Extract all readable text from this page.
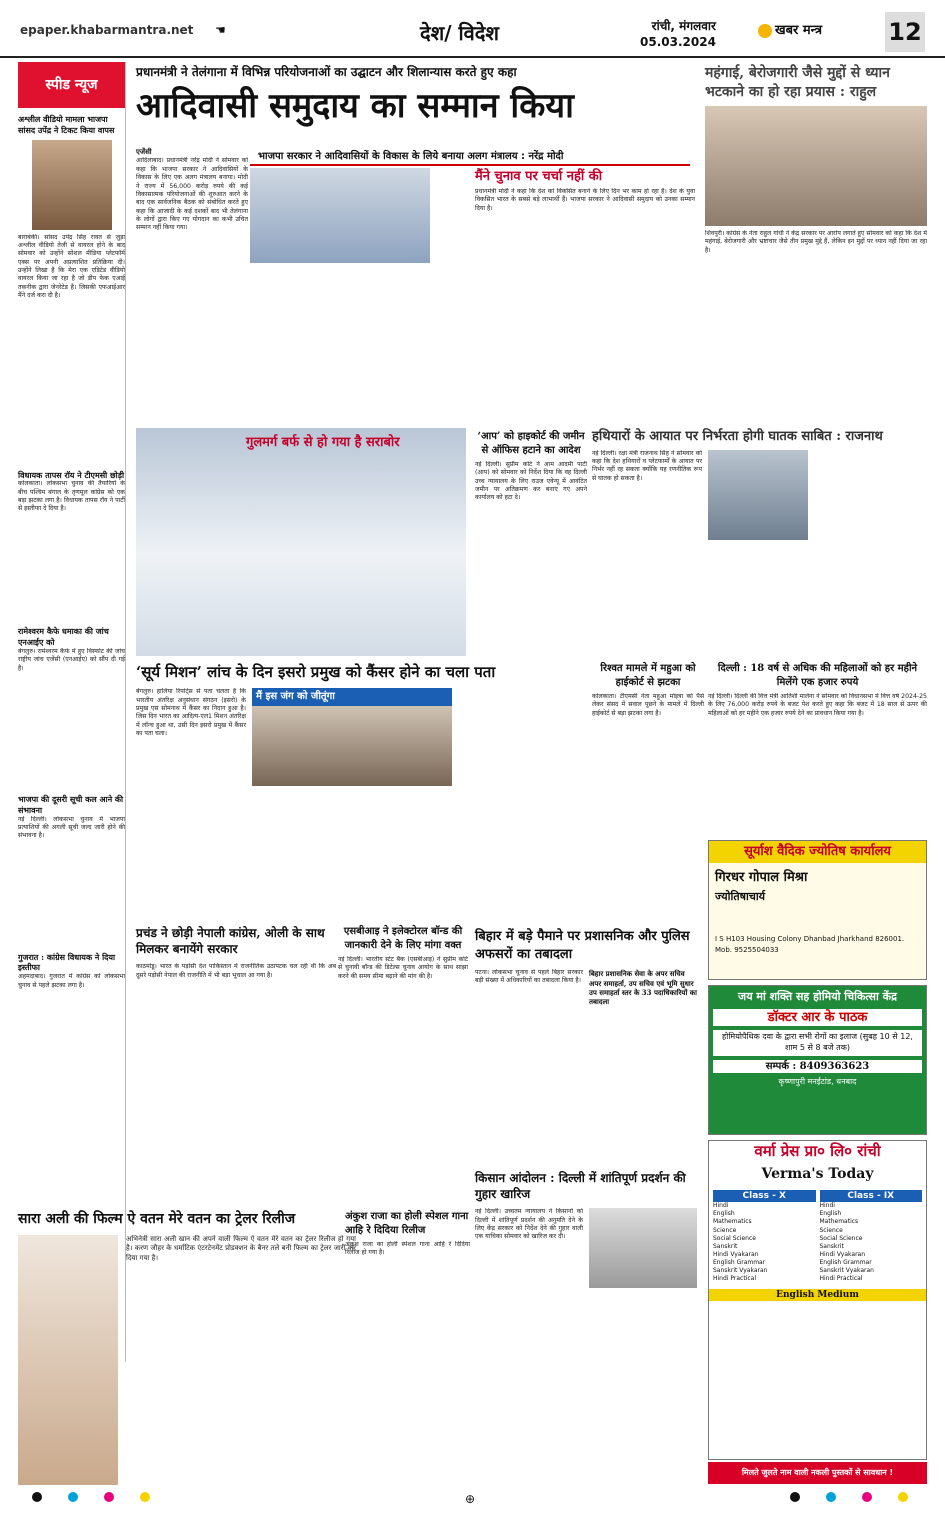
epaper.khabarmantra.net ☚	देश/ विदेश	रांची, मंगलवार
05.03.2024
खबर मन्त्र	12
स्पीड न्यूज
अश्लील वीडियो मामला भाजपा सांसद उपेंद्र ने टिकट किया वापस
बाराबंकी। सांसद उपेंद्र सिंह रावत से जुड़ा अश्लील वीडियो तेजी से वायरल होने के बाद सोमवार को उन्होंने सोशल मीडिया प्लेटफॉर्म एक्स पर अपनी अप्रत्याशित प्रतिक्रिया दी। उन्होंने लिखा है कि मेरा एक एडिटेड वीडियो वायरल किया जा रहा है जो डीप फेक एआई तकनीक द्वारा जेनरेटेड है। जिसकी एफआईआर मैंने दर्ज करा दी है।
विधायक तापस रॉय ने टीएमसी छोड़ी
कोलकाता। लोकसभा चुनाव की तैयारियों के बीच पश्चिम बंगाल के तृणमूल कांग्रेस को एक बड़ा झटका लगा है। विधायक तापस रॉय ने पार्टी से इस्तीफा दे दिया है।
रामेश्वरम कैफे धमाका की जांच एनआईए को
बेंगलुरु। रामेश्वरम कैफे में हुए विस्फोट की जांच राष्ट्रीय जांच एजेंसी (एनआईए) को सौंप दी गई है।
भाजपा की दूसरी सूची कल आने की संभावना
नई दिल्ली। लोकसभा चुनाव में भाजपा प्रत्याशियों की अगली सूची जल्द जारी होने की संभावना है।
गुजरात : कांग्रेस विधायक ने दिया इस्तीफा
अहमदाबाद। गुजरात में कांग्रेस को लोकसभा चुनाव से पहले झटका लगा है।
प्रधानमंत्री ने तेलंगाना में विभिन्न परियोजनाओं का उद्घाटन और शिलान्यास करते हुए कहा
आदिवासी समुदाय का सम्मान किया
एजेंसी
आदिलाबाद। प्रधानमंत्री नरेंद्र मोदी ने सोमवार को कहा कि भाजपा सरकार ने आदिवासियों के विकास के लिए एक अलग मंत्रालय बनाया। मोदी ने राज्य में 56,000 करोड़ रुपये की कई विकासात्मक परियोजनाओं की शुरुआत करने के बाद एक सार्वजनिक बैठक को संबोधित करते हुए कहा कि आजादी के कई दशकों बाद भी तेलंगाना के लोगों द्वारा किए गए योगदान का कभी उचित सम्मान नहीं किया गया।
भाजपा सरकार ने आदिवासियों के विकास के लिये बनाया अलग मंत्रालय : नरेंद्र मोदी
मैंने चुनाव पर चर्चा नहीं की
प्रधानमंत्री मोदी ने कहा कि देश को विकसित बनाने के लिए दिन भर काम हो रहा है। देश के युवा विकसित भारत के सबसे बड़े लाभार्थी हैं। भाजपा सरकार ने आदिवासी समुदाय को उनका सम्मान दिया है।
गुलमर्ग बर्फ से हो गया है सराबोर	‘आप’ को हाइकोर्ट की जमीन से ऑफिस हटाने का आदेश
नई दिल्ली। सुप्रीम कोर्ट ने आम आदमी पार्टी (आप) को सोमवार को निर्देश दिया कि वह दिल्ली उच्च न्यायालय के लिए राउज एवेन्यू में आवंटित जमीन पर अतिक्रमण कर बनाए गए अपने कार्यालय को हटा दे।
महंगाई, बेरोजगारी जैसे मुद्दों से ध्यान भटकाने का हो रहा प्रयास : राहुल
शिवपुरी। कांग्रेस के नेता राहुल गांधी ने केंद्र सरकार पर आरोप लगाते हुए सोमवार को कहा कि देश में महंगाई, बेरोजगारी और भ्रष्टाचार जैसे तीन प्रमुख मुद्दे हैं, लेकिन इन मुद्दों पर ध्यान नहीं दिया जा रहा है।
हथियारों के आयात पर निर्भरता होगी घातक साबित : राजनाथ
नई दिल्ली। रक्षा मंत्री राजनाथ सिंह ने सोमवार को कहा कि देश हथियारों व प्लेटफार्मों के आयात पर निर्भर नहीं रह सकता क्योंकि यह रणनीतिक रूप से घातक हो सकता है।
‘सूर्य मिशन’ लांच के दिन इसरो प्रमुख को कैंसर होने का चला पता
बेंगलुरु। हालिया रिपोर्ट्स से पता चलता है कि भारतीय अंतरिक्ष अनुसंधान संगठन (इसरो) के प्रमुख एस सोमनाथ में कैंसर का निदान हुआ है। जिस दिन भारत का आदित्य-एल1 मिशन अंतरिक्ष में लॉन्च हुआ था, उसी दिन इसरो प्रमुख में कैंसर का पता चला।
मैं इस जंग को जीतूंगा
रिश्वत मामले में महुआ को हाईकोर्ट से झटका
कोलकाता। टीएमसी नेता महुआ मोइत्रा को पैसे लेकर संसद में सवाल पूछने के मामले में दिल्ली हाईकोर्ट से बड़ा झटका लगा है।
दिल्ली : 18 वर्ष से अधिक की महिलाओं को हर महीने मिलेंगे एक हजार रुपये
नई दिल्ली। दिल्ली की वित्त मंत्री आतिशी मार्लेना ने सोमवार को विधानसभा में वित्त वर्ष 2024-25 के लिए 76,000 करोड़ रुपये के बजट पेश करते हुए कहा कि बजट में 18 साल से ऊपर की महिलाओं को हर महीने एक हजार रुपये देने का प्रावधान किया गया है।
सूर्याश वैदिक ज्योतिष कार्यालय
गिरधर गोपाल मिश्रा
ज्योतिषाचार्य
I S H103 Housing Colony Dhanbad Jharkhand 826001.
Mob. 9525504033
प्रचंड ने छोड़ी नेपाली कांग्रेस, ओली के साथ मिलकर बनायेंगे सरकार
काठमांडू। भारत के पड़ोसी देश पाकिस्तान में राजनीतिक उठापटक चल रही थी कि अब दूसरे पड़ोसी नेपाल की राजनीति में भी बड़ा भूचाल आ गया है।
एसबीआइ ने इलेक्टोरल बॉन्ड की जानकारी देने के लिए मांगा वक्त
नई दिल्ली। भारतीय स्टेट बैंक (एसबीआइ) ने सुप्रीम कोर्ट से चुनावी बॉन्ड की डिटेल्स चुनाव आयोग के साथ साझा करने की समय सीमा बढ़ाने की मांग की है।
बिहार में बड़े पैमाने पर प्रशासनिक और पुलिस अफसरों का तबादला
पटना। लोकसभा चुनाव से पहले बिहार सरकार बड़ी संख्या में अधिकारियों का तबादला किया है।
बिहार प्रशासनिक सेवा के अपर सचिव अपर समाहर्ता, उप सचिव एवं भूमि सुधार उप समाहर्ता स्तर के 33 पदाधिकारियों का तबादला	जय मां शक्ति सह होमियो चिकित्सा केंद्र
डॉक्टर आर के पाठक
होमियोपैथिक दवा के द्वारा सभी रोगों का इलाज (सुबह 10 से 12, शाम 5 से 8 बजे तक)
सम्पर्क : 8409363623
कृष्णापुरी मनईटांड, धनबाद
वर्मा प्रेस प्रा० लि० रांची
Verma's Today
Class - X
Hindi
English
Mathematics
Science
Social Science
Sanskrit
Hindi Vyakaran
English Grammar
Sanskrit Vyakaran
Hindi Practical
Class - IX
Hindi
English
Mathematics
Science
Social Science
Sanskrit
Hindi Vyakaran
English Grammar
Sanskrit Vyakaran
Hindi Practical
English Medium
सारा अली की फिल्म ऐ वतन मेरे वतन का ट्रेलर रिलीज
अभिनेत्री सारा अली खान की अपने वाली फिल्म ऐ वतन मेरे वतन का ट्रेलर रिलीज हो गया है। करण जौहर के धर्माटिक एंटरटेनमेंट प्रोडक्शन के बैनर तले बनी फिल्म का ट्रेलर जारी कर दिया गया है।
अंकुश राजा का होली स्पेशल गाना आहि रे दिदिया रिलीज
अंकुश राजा का होली स्पेशल गाना आहि रे दिदिया रिलीज हो गया है।
किसान आंदोलन : दिल्ली में शांतिपूर्ण प्रदर्शन की गुहार खारिज
नई दिल्ली। उच्चतम न्यायालय ने किसानों को दिल्ली में शांतिपूर्ण प्रदर्शन की अनुमति देने के लिए केंद्र सरकार को निर्देश देने की गुहार वाली एक याचिका सोमवार को खारिज कर दी।
मिलते जुलते नाम वाली नकली पुस्तकों से सावधान !

⊕
